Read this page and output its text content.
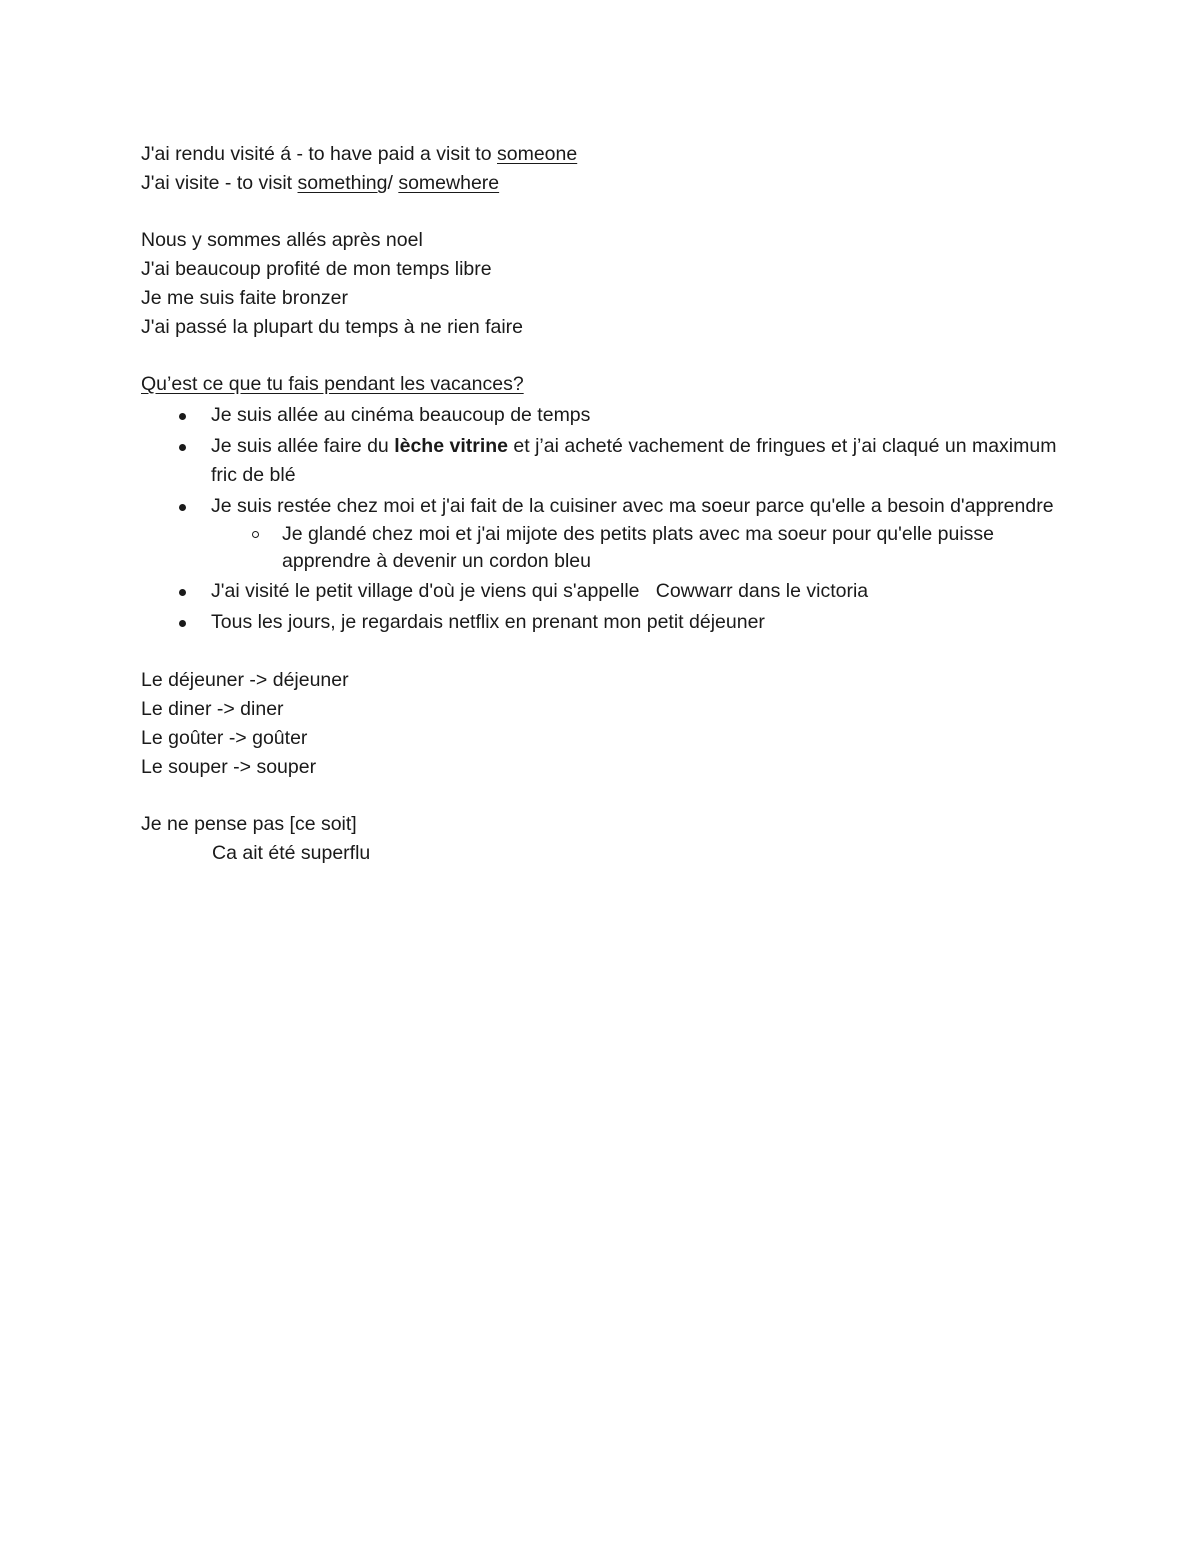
J'ai rendu visité á - to have paid a visit to someone
J'ai visite - to visit something/ somewhere
Nous y sommes allés après noel
J'ai beaucoup profité de mon temps libre
Je me suis faite bronzer
J'ai passé la plupart du temps à ne rien faire
Qu’est ce que tu fais pendant les vacances?
Je suis allée au cinéma beaucoup de temps
Je suis allée faire du lèche vitrine et j’ai acheté vachement de fringues et j’ai claqué un maximum fric de blé
Je suis restée chez moi et j'ai fait de la cuisiner avec ma soeur parce qu'elle a besoin d'apprendre
Je glandé chez moi et j'ai mijote des petits plats avec ma soeur pour qu'elle puisse apprendre à devenir un cordon bleu
J'ai visité le petit village d'où je viens qui s'appelle   Cowwarr dans le victoria
Tous les jours, je regardais netflix en prenant mon petit déjeuner
Le déjeuner -> déjeuner
Le diner -> diner
Le goûter -> goûter
Le souper -> souper
Je ne pense pas [ce soit]
Ca ait été superflu
